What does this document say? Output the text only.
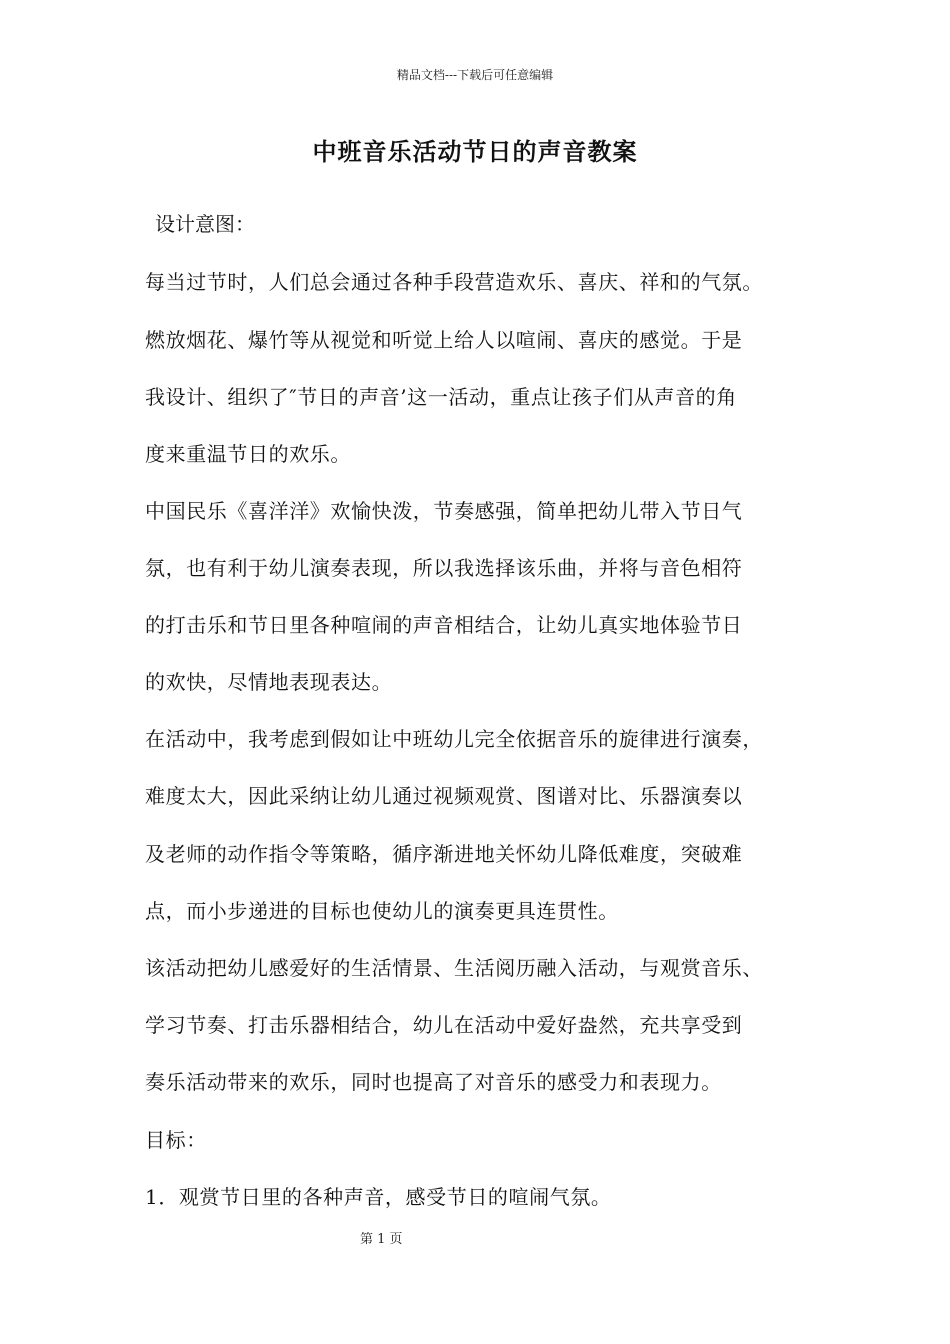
精品文档---下载后可任意编辑
中班音乐活动节日的声音教案
设计意图：
每当过节时，人们总会通过各种手段营造欢乐、喜庆、祥和的气氛。
燃放烟花、爆竹等从视觉和听觉上给人以喧闹、喜庆的感觉。于是
我设计、组织了″节日的声音’这一活动，重点让孩子们从声音的角
度来重温节日的欢乐。
中国民乐《喜洋洋》欢愉快泼，节奏感强，简单把幼儿带入节日气
氛，也有利于幼儿演奏表现，所以我选择该乐曲，并将与音色相符
的打击乐和节日里各种喧闹的声音相结合，让幼儿真实地体验节日
的欢快，尽情地表现表达。
在活动中，我考虑到假如让中班幼儿完全依据音乐的旋律进行演奏，
难度太大，因此采纳让幼儿通过视频观赏、图谱对比、乐器演奏以
及老师的动作指令等策略，循序渐进地关怀幼儿降低难度，突破难
点，而小步递进的目标也使幼儿的演奏更具连贯性。
该活动把幼儿感爱好的生活情景、生活阅历融入活动，与观赏音乐、
学习节奏、打击乐器相结合，幼儿在活动中爱好盎然，充共享受到
奏乐活动带来的欢乐，同时也提高了对音乐的感受力和表现力。
目标：
1．观赏节日里的各种声音，感受节日的喧闹气氛。
第 1 页
